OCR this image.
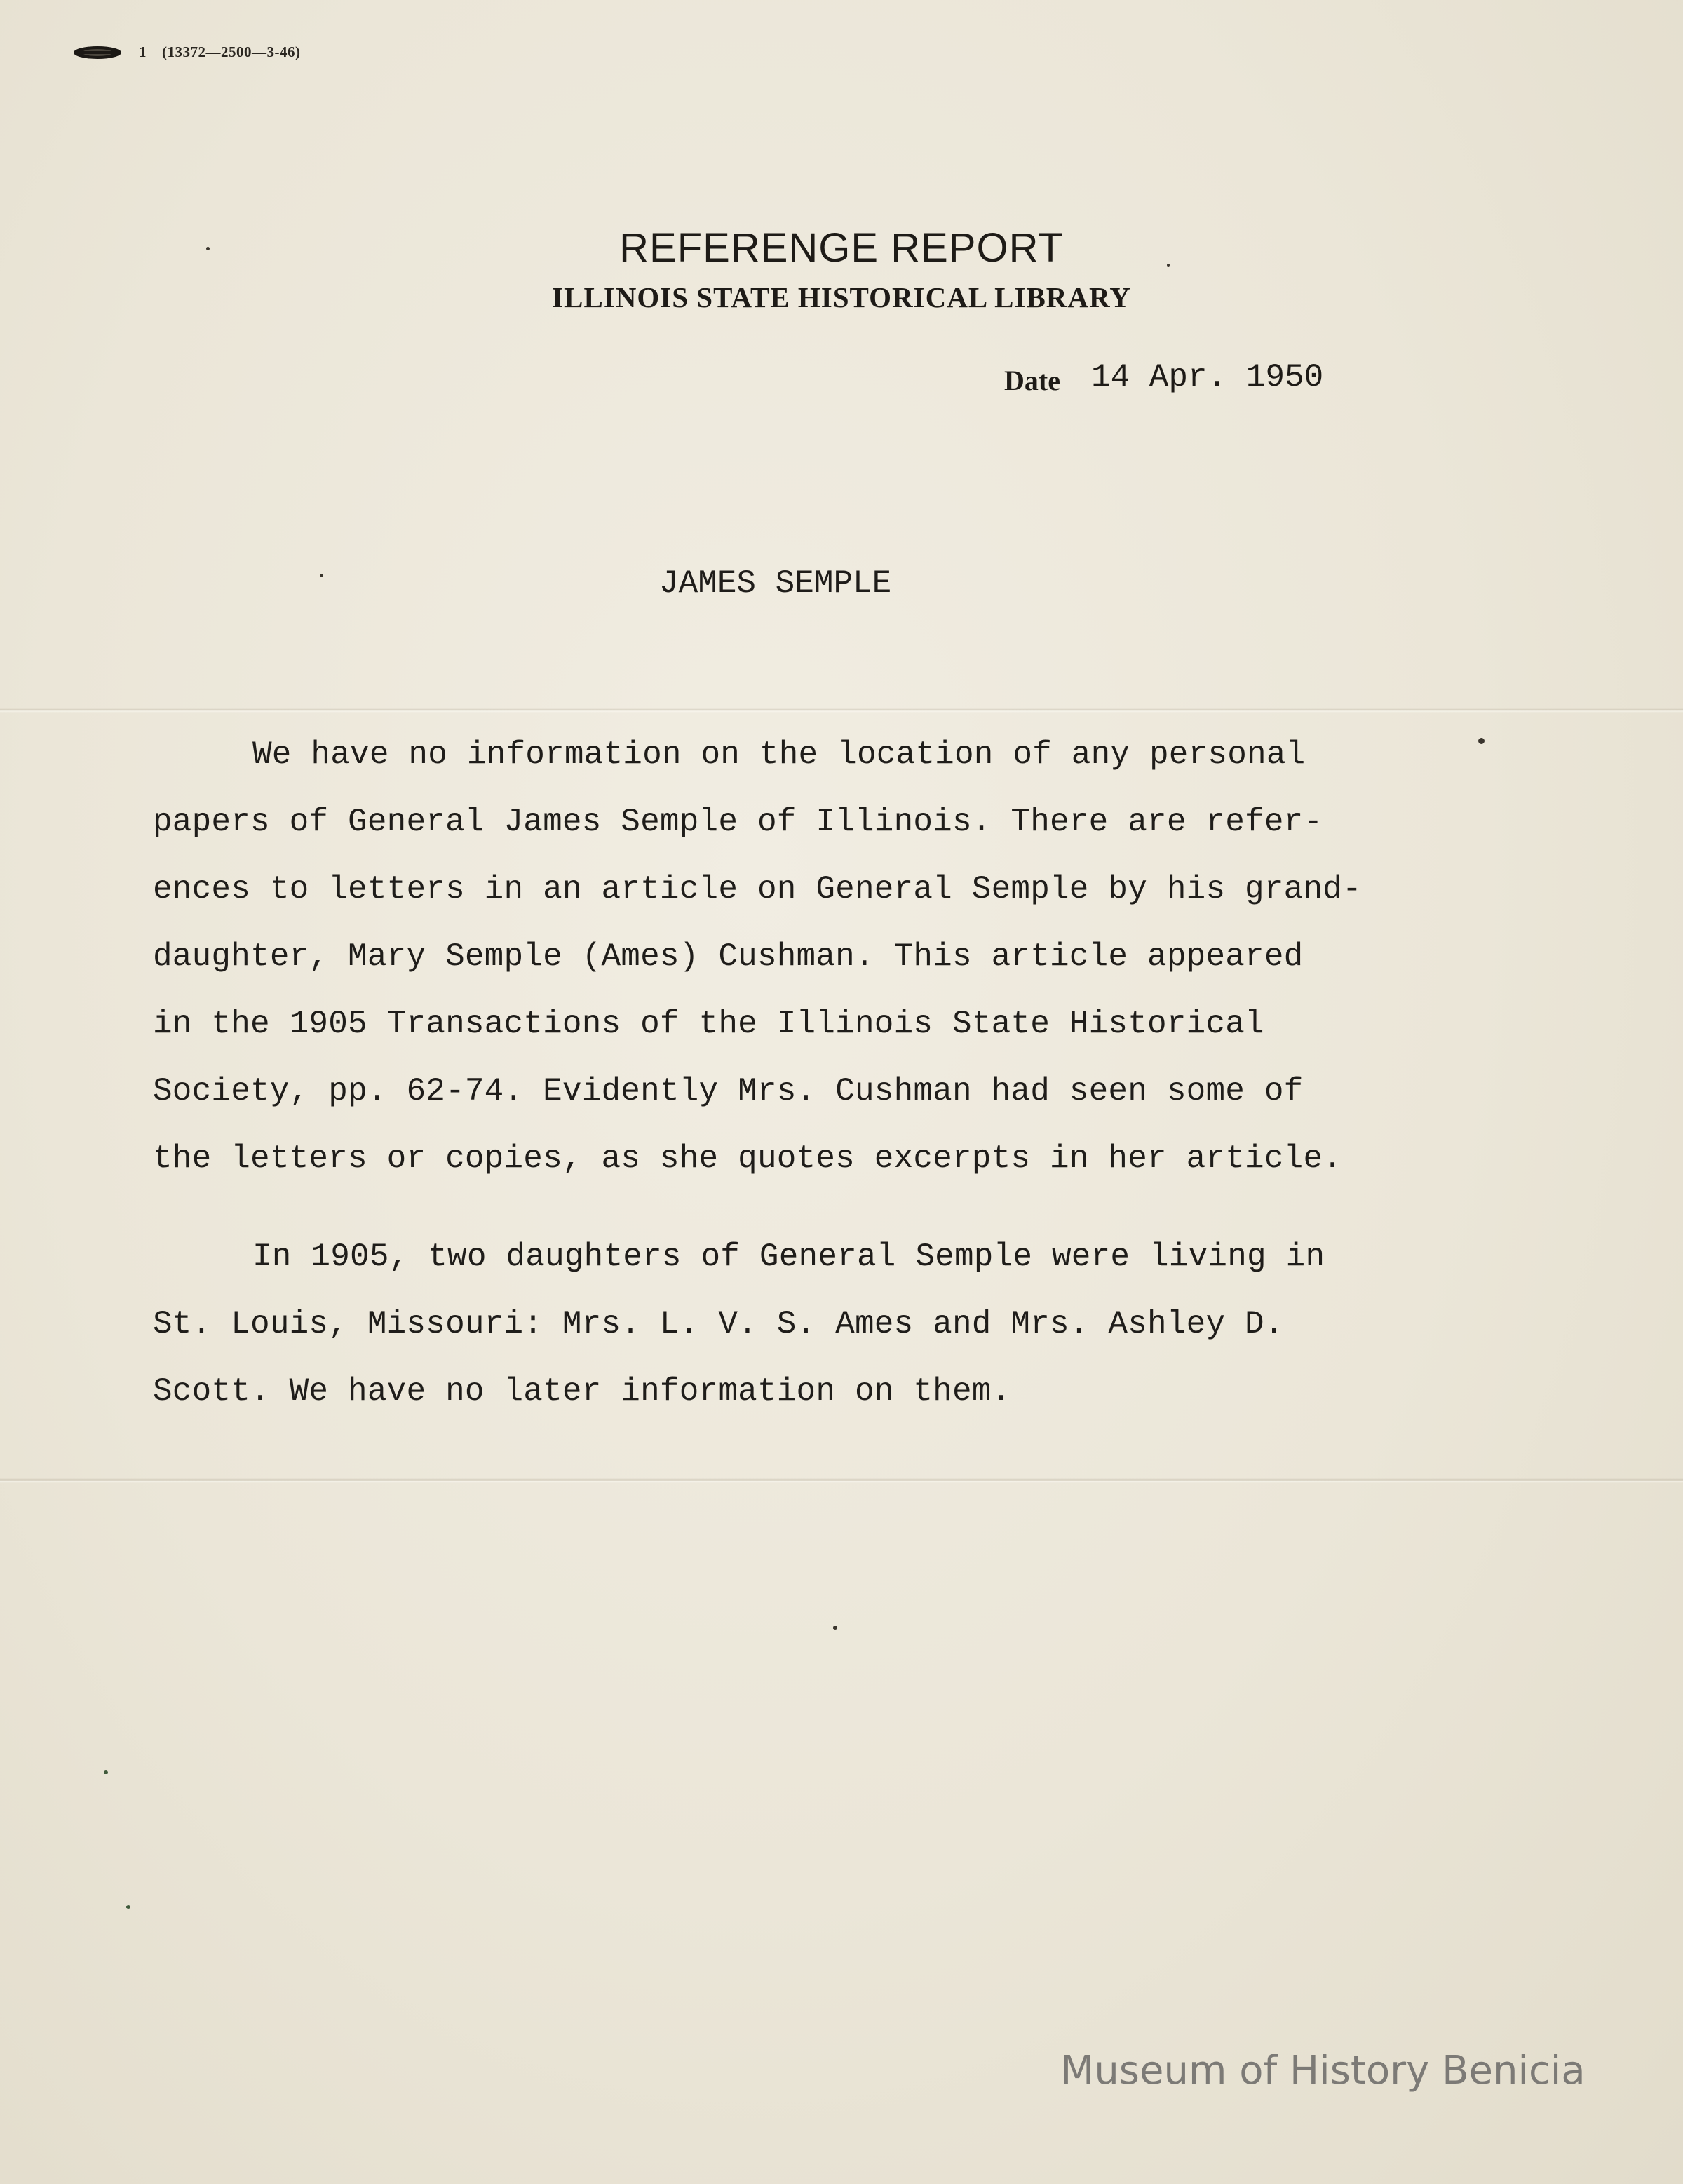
1 (13372—2500—3-46)
REFERENGE REPORT
ILLINOIS STATE HISTORICAL LIBRARY
Date 14 Apr. 1950
JAMES SEMPLE
We have no information on the location of any personal
papers of General James Semple of Illinois. There are refer-
ences to letters in an article on General Semple by his grand-
daughter, Mary Semple (Ames) Cushman. This article appeared
in the 1905 Transactions of the Illinois State Historical
Society, pp. 62-74. Evidently Mrs. Cushman had seen some of
the letters or copies, as she quotes excerpts in her article.
In 1905, two daughters of General Semple were living in
St. Louis, Missouri: Mrs. L. V. S. Ames and Mrs. Ashley D.
Scott. We have no later information on them.
Museum of History Benicia
